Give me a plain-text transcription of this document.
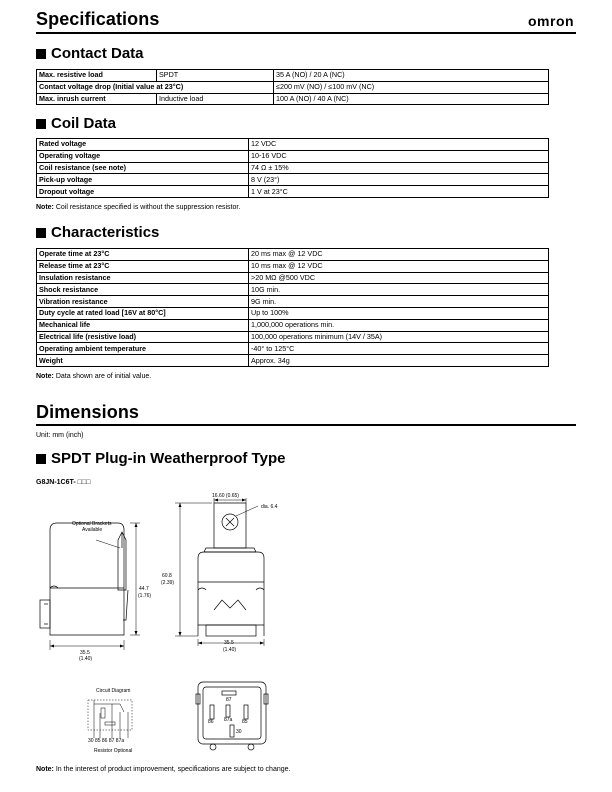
Specifications	omron
Contact Data
Max. resistive load	SPDT	35 A (NO) / 20 A (NC)
Contact voltage drop (Initial value at 23°C)		≤200 mV (NO) / ≤100 mV (NC)
Max. inrush current	Inductive load	100 A (NO) / 40 A (NC)
Coil Data
Rated voltage	12 VDC
Operating voltage	10-16 VDC
Coil resistance (see note)	74 Ω ± 15%
Pick-up voltage	8 V (23°)
Dropout voltage	1 V at 23°C
Note: Coil resistance specified is without the suppression resistor.
Characteristics
Operate time at 23°C	20 ms max @ 12 VDC
Release time at 23°C	10 ms max @ 12 VDC
Insulation resistance	>20 MΩ @500 VDC
Shock resistance	10G min.
Vibration resistance	9G min.
Duty cycle at rated load [16V at 80°C]	Up to 100%
Mechanical life	1,000,000 operations min.
Electrical life (resistive load)	100,000 operations minimum (14V / 35A)
Operating ambient temperature	-40° to 125°C
Weight	Approx. 34g
Note: Data shown are of initial value.
Dimensions
Unit: mm (inch)
SPDT Plug-in Weatherproof Type
G8JN-1C6T- □□□
Optional Brackets
Available
35.5
(1.40)
44.7
(1.76)
16.60 (0.65)
dia. 6.4
60.8
(2.39)
35.5
(1.40)
Circuit Diagram
30 85 86 87 87a
Resistor Optional
87
86 87a 85
30
Note: In the interest of product improvement, specifications are subject to change.
